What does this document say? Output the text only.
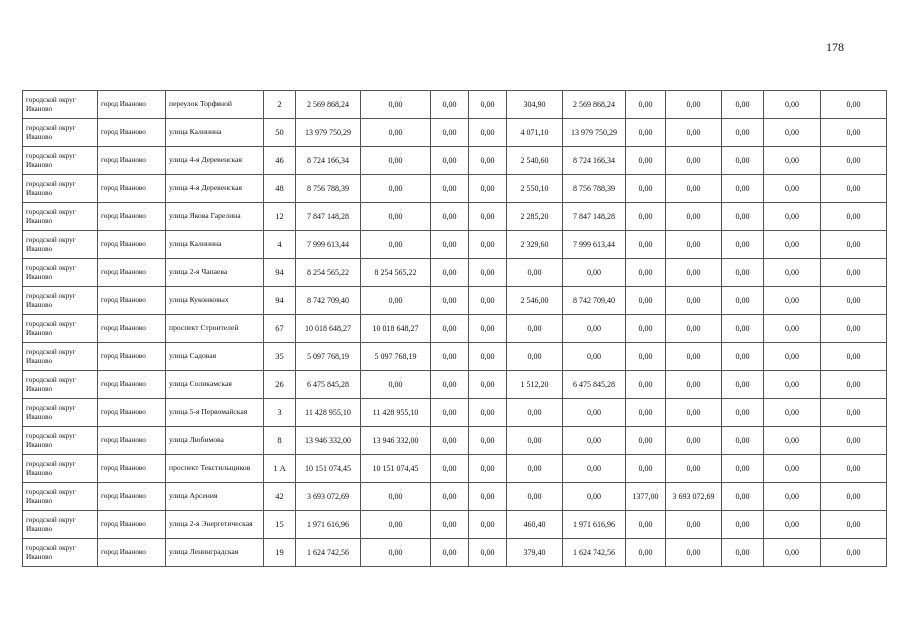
178
городской округ Иваново	город Иваново	переулок Торфяной	2	2 569 868,24	0,00	0,00	0,00	304,90	2 569 868,24	0,00	0,00	0,00	0,00	0,00
городской округ Иваново	город Иваново	улица Калинина	50	13 979 750,29	0,00	0,00	0,00	4 071,10	13 979 750,29	0,00	0,00	0,00	0,00	0,00
городской округ Иваново	город Иваново	улица 4-я Деревенская	46	8 724 166,34	0,00	0,00	0,00	2 540,60	8 724 166,34	0,00	0,00	0,00	0,00	0,00
городской округ Иваново	город Иваново	улица 4-я Деревенская	48	8 756 788,39	0,00	0,00	0,00	2 550,10	8 756 788,39	0,00	0,00	0,00	0,00	0,00
городской округ Иваново	город Иваново	улица Якова Гарелина	12	7 847 148,28	0,00	0,00	0,00	2 285,20	7 847 148,28	0,00	0,00	0,00	0,00	0,00
городской округ Иваново	город Иваново	улица Калинина	4	7 999 613,44	0,00	0,00	0,00	2 329,60	7 999 613,44	0,00	0,00	0,00	0,00	0,00
городской округ Иваново	город Иваново	улица 2-я Чапаева	94	8 254 565,22	8 254 565,22	0,00	0,00	0,00	0,00	0,00	0,00	0,00	0,00	0,00
городской округ Иваново	город Иваново	улица Куконковых	94	8 742 709,40	0,00	0,00	0,00	2 546,00	8 742 709,40	0,00	0,00	0,00	0,00	0,00
городской округ Иваново	город Иваново	проспект Строителей	67	10 018 648,27	10 018 648,27	0,00	0,00	0,00	0,00	0,00	0,00	0,00	0,00	0,00
городской округ Иваново	город Иваново	улица Садовая	35	5 097 768,19	5 097 768,19	0,00	0,00	0,00	0,00	0,00	0,00	0,00	0,00	0,00
городской округ Иваново	город Иваново	улица Соликамская	26	6 475 845,28	0,00	0,00	0,00	1 512,20	6 475 845,28	0,00	0,00	0,00	0,00	0,00
городской округ Иваново	город Иваново	улица 5-я Первомайская	3	11 428 955,10	11 428 955,10	0,00	0,00	0,00	0,00	0,00	0,00	0,00	0,00	0,00
городской округ Иваново	город Иваново	улица Любимова	8	13 946 332,00	13 946 332,00	0,00	0,00	0,00	0,00	0,00	0,00	0,00	0,00	0,00
городской округ Иваново	город Иваново	проспект Текстильщиков	1 А	10 151 074,45	10 151 074,45	0,00	0,00	0,00	0,00	0,00	0,00	0,00	0,00	0,00
городской округ Иваново	город Иваново	улица Арсения	42	3 693 072,69	0,00	0,00	0,00	0,00	0,00	1377,00	3 693 072,69	0,00	0,00	0,00
городской округ Иваново	город Иваново	улица 2-я Энергетическая	15	1 971 616,96	0,00	0,00	0,00	460,40	1 971 616,96	0,00	0,00	0,00	0,00	0,00
городской округ Иваново	город Иваново	улица Ленинградская	19	1 624 742,56	0,00	0,00	0,00	379,40	1 624 742,56	0,00	0,00	0,00	0,00	0,00
